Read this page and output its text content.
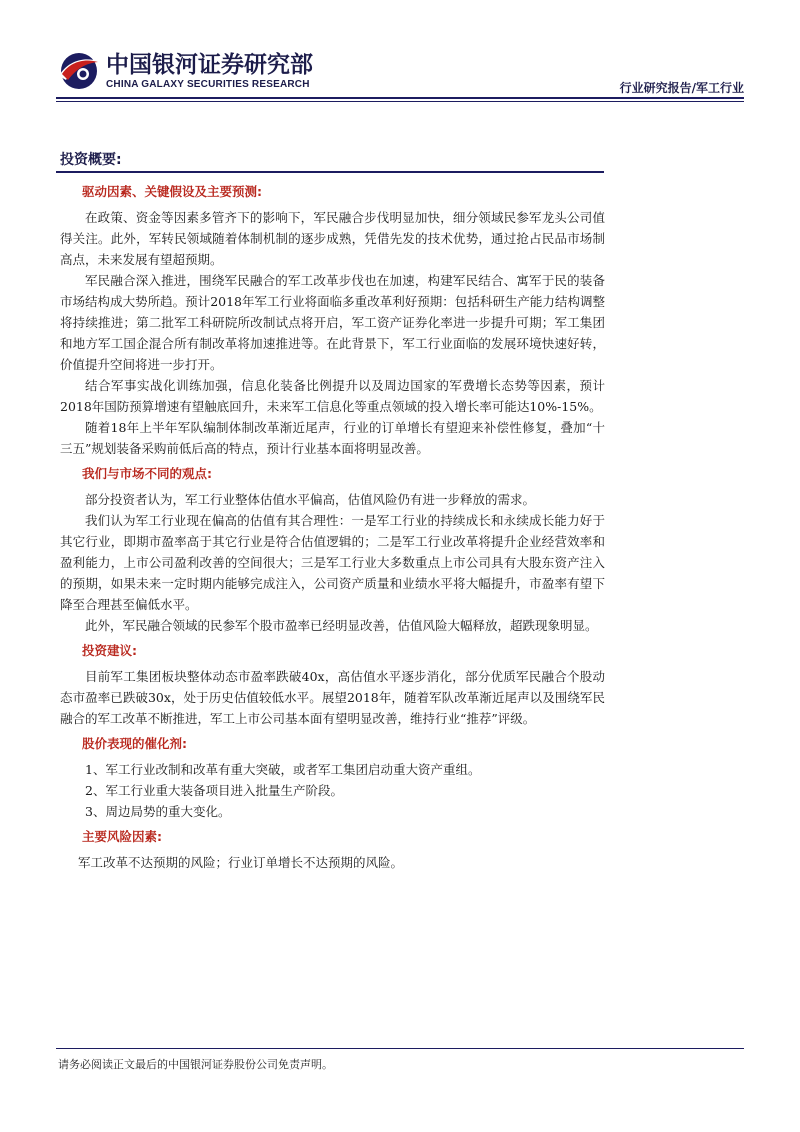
中国银河证券研究部
CHINA GALAXY SECURITIES RESEARCH	行业研究报告/军工行业
投资概要:
驱动因素、关键假设及主要预测:

在政策、资金等因素多管齐下的影响下，军民融合步伐明显加快，细分领域民参军龙头公司值得关注。此外，军转民领域随着体制机制的逐步成熟，凭借先发的技术优势，通过抢占民品市场制高点，未来发展有望超预期。

军民融合深入推进，围绕军民融合的军工改革步伐也在加速，构建军民结合、寓军于民的装备市场结构成大势所趋。预计2018年军工行业将面临多重改革利好预期：包括科研生产能力结构调整将持续推进；第二批军工科研院所改制试点将开启，军工资产证券化率进一步提升可期；军工集团和地方军工国企混合所有制改革将加速推进等。在此背景下，军工行业面临的发展环境快速好转，价值提升空间将进一步打开。

结合军事实战化训练加强，信息化装备比例提升以及周边国家的军费增长态势等因素，预计2018年国防预算增速有望触底回升，未来军工信息化等重点领域的投入增长率可能达10%-15%。

随着18年上半年军队编制体制改革渐近尾声，行业的订单增长有望迎来补偿性修复，叠加“十三五”规划装备采购前低后高的特点，预计行业基本面将明显改善。

我们与市场不同的观点:

部分投资者认为，军工行业整体估值水平偏高，估值风险仍有进一步释放的需求。

我们认为军工行业现在偏高的估值有其合理性：一是军工行业的持续成长和永续成长能力好于其它行业，即期市盈率高于其它行业是符合估值逻辑的；二是军工行业改革将提升企业经营效率和盈利能力，上市公司盈利改善的空间很大；三是军工行业大多数重点上市公司具有大股东资产注入的预期，如果未来一定时期内能够完成注入，公司资产质量和业绩水平将大幅提升，市盈率有望下降至合理甚至偏低水平。

此外，军民融合领域的民参军个股市盈率已经明显改善，估值风险大幅释放，超跌现象明显。

投资建议:

目前军工集团板块整体动态市盈率跌破40x，高估值水平逐步消化，部分优质军民融合个股动态市盈率已跌破30x，处于历史估值较低水平。展望2018年，随着军队改革渐近尾声以及围绕军民融合的军工改革不断推进，军工上市公司基本面有望明显改善，维持行业“推荐”评级。

股价表现的催化剂:

1、军工行业改制和改革有重大突破，或者军工集团启动重大资产重组。

2、军工行业重大装备项目进入批量生产阶段。

3、周边局势的重大变化。

主要风险因素:

军工改革不达预期的风险；行业订单增长不达预期的风险。

请务必阅读正文最后的中国银河证券股份公司免责声明。
